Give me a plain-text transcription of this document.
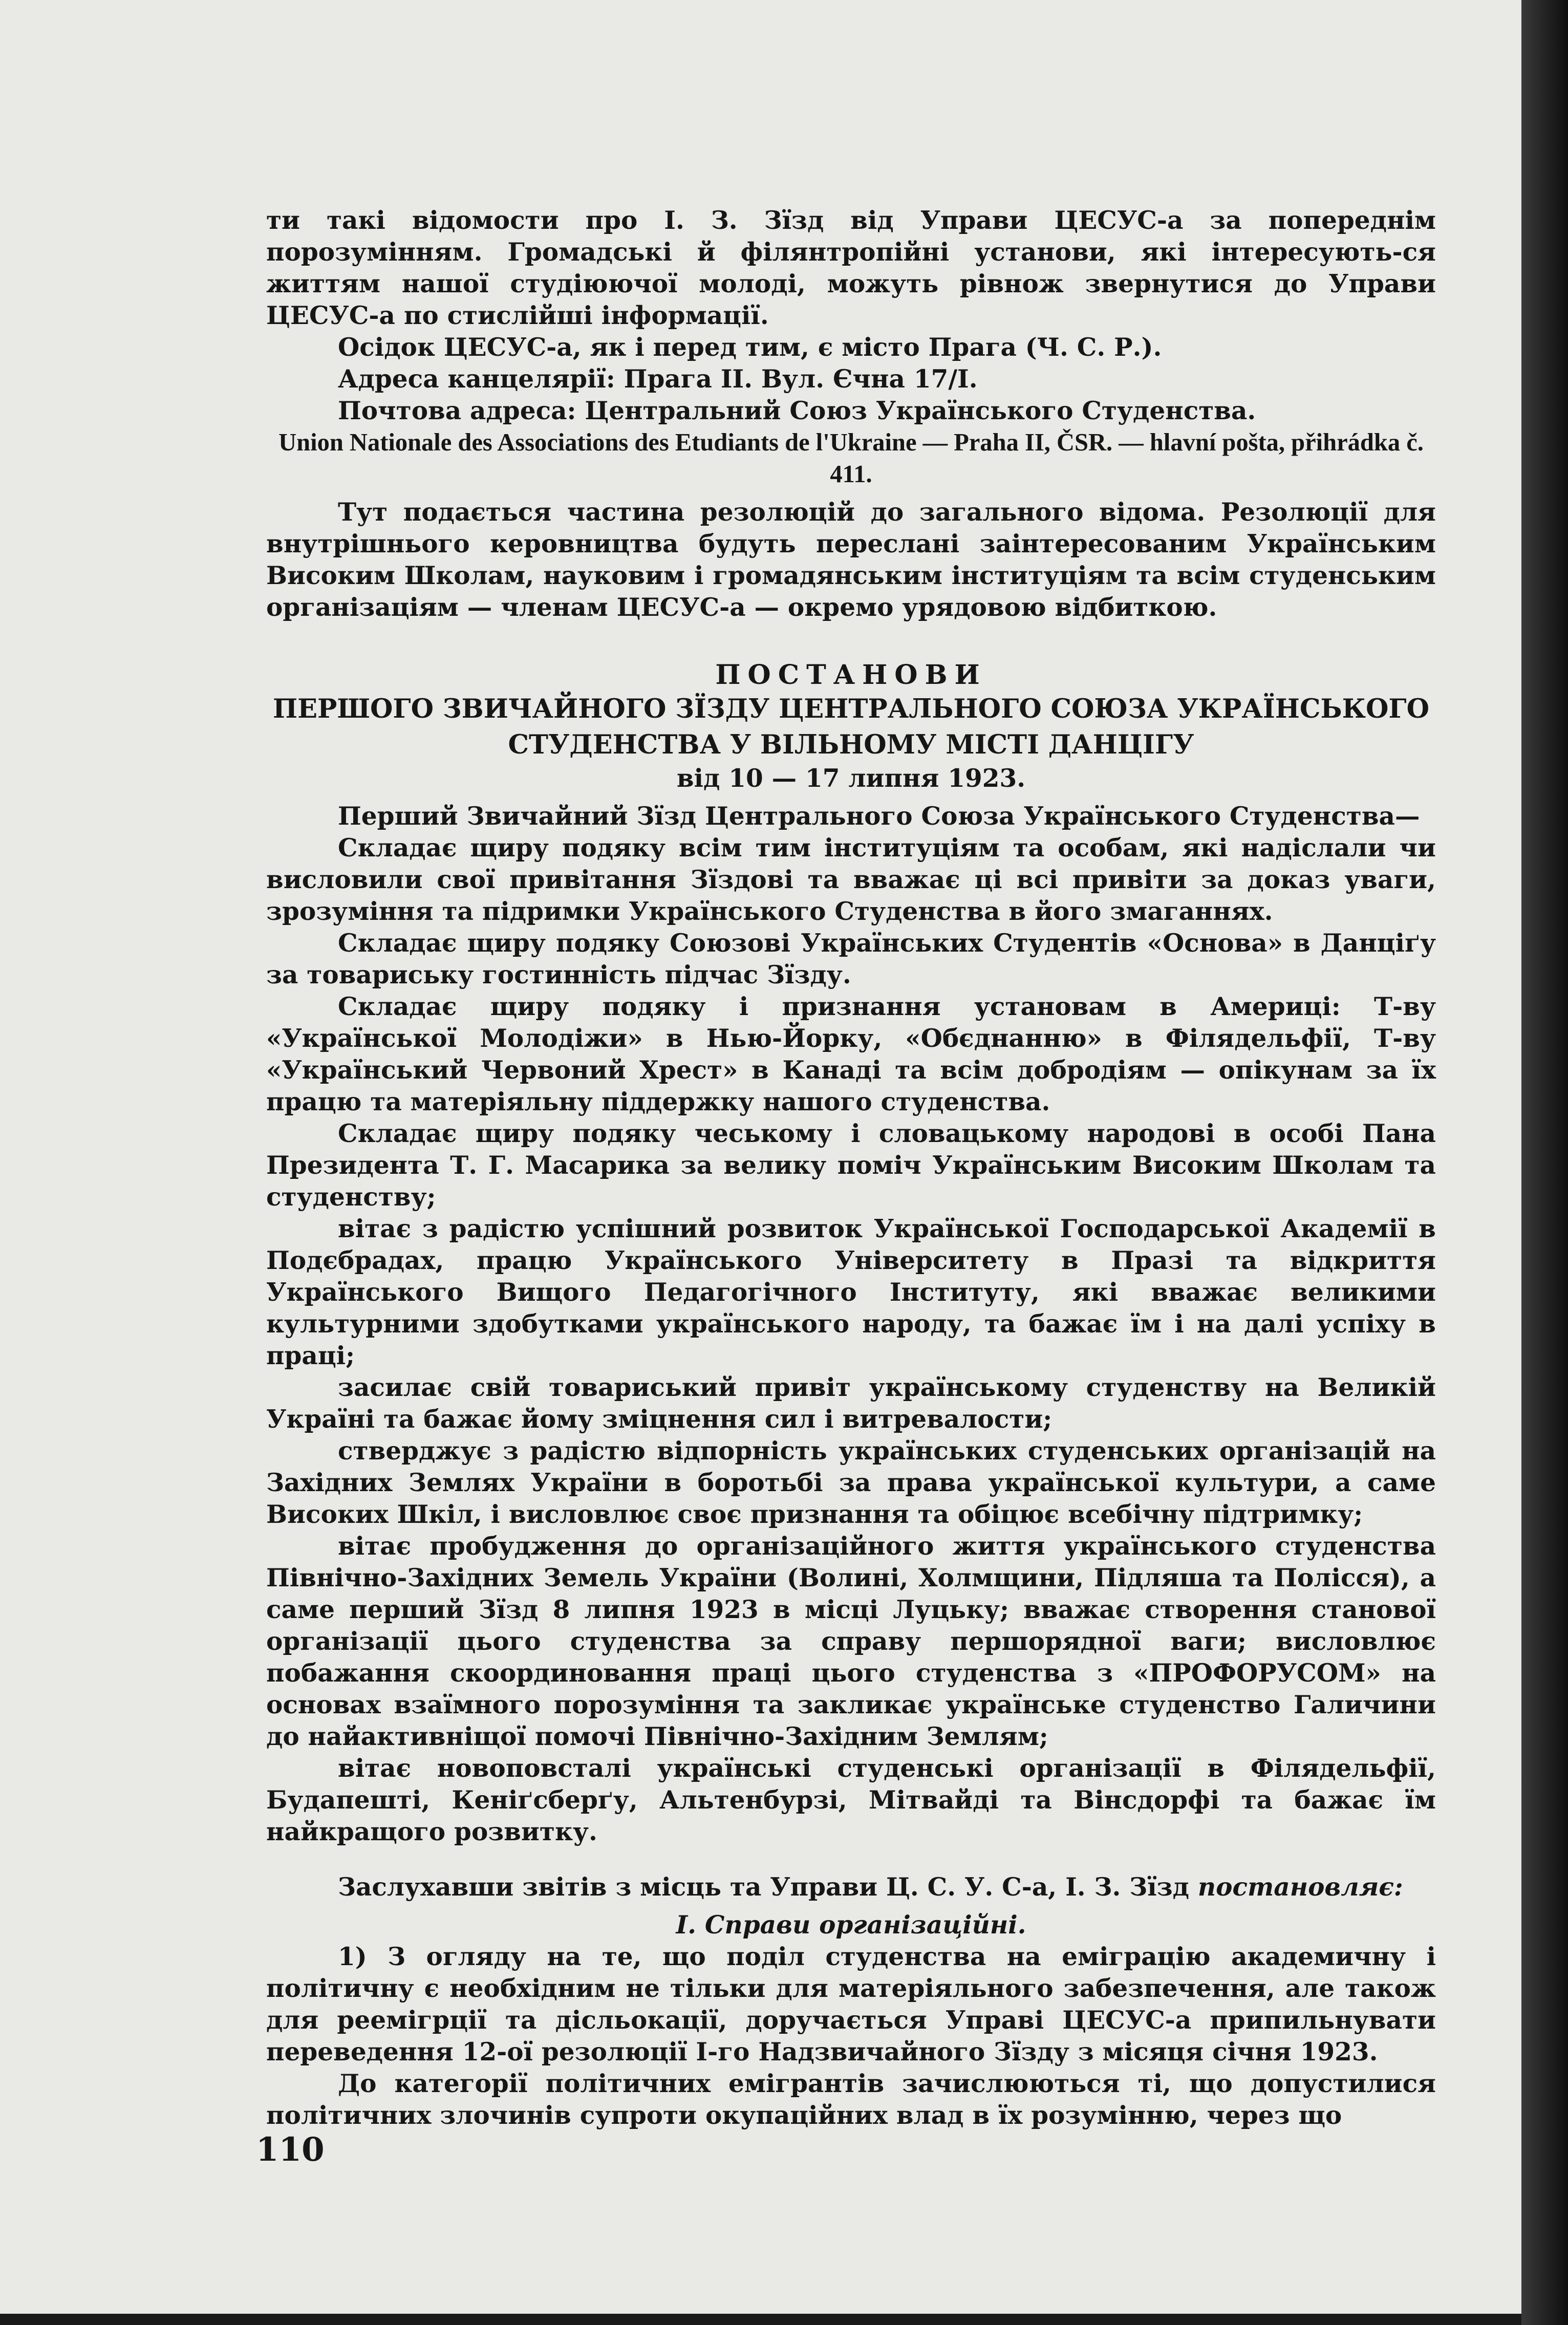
ти такі відомости про І. З. Зїзд від Управи ЦЕСУС-а за попереднім порозумінням. Громадські й філянтропійні установи, які інтересують-ся життям нашої студіюючої молоді, можуть рівнож звернутися до Управи ЦЕСУС-а по стислійші інформації.

Осідок ЦЕСУС-а, як і перед тим, є місто Прага (Ч. С. Р.).

Адреса канцелярії: Прага II. Вул. Єчна 17/I.

Почтова адреса: Центральний Союз Українського Студенства.

Union Nationale des Associations des Etudiants de l'Ukraine — Praha II, ČSR. — hlavní pošta, přihrádka č. 411.

Тут подається частина резолюцій до загального відома. Резолюції для внутрішнього керовництва будуть переслані заінтересованим Українським Високим Школам, науковим і громадянським інституціям та всім студенським організаціям — членам ЦЕСУС-а — окремо урядовою відбиткою.

ПОСТАНОВИ

ПЕРШОГО ЗВИЧАЙНОГО ЗЇЗДУ ЦЕНТРАЛЬНОГО СОЮЗА УКРАЇНСЬКОГО

СТУДЕНСТВА У ВІЛЬНОМУ МІСТІ ДАНЦІГУ

від 10 — 17 липня 1923.

Перший Звичайний Зїзд Центрального Союза Українського Студенства—

Складає щиру подяку всім тим інституціям та особам, які надіслали чи висловили свої привітання Зїздові та вважає ці всі привіти за доказ уваги, зрозуміння та підримки Українського Студенства в його змаганнях.

Складає щиру подяку Союзові Українських Студентів «Основа» в Данціґу за товариську гостинність підчас Зїзду.

Складає щиру подяку і признання установам в Америці: Т-ву «Української Молодіжи» в Нью-Йорку, «Обєднанню» в Філядельфії, Т-ву «Український Червоний Хрест» в Канаді та всім добродіям — опікунам за їх працю та матеріяльну піддержку нашого студенства.

Складає щиру подяку чеському і словацькому народові в особі Пана Президента Т. Г. Масарика за велику поміч Українським Високим Школам та студенству;

вітає з радістю успішний розвиток Української Господарської Академії в Подєбрадах, працю Українського Університету в Празі та відкриття Українського Вищого Педагогічного Інституту, які вважає великими культурними здобутками українського народу, та бажає їм і на далі успіху в праці;

засилає свій товариський привіт українському студенству на Великій Україні та бажає йому зміцнення сил і витревалости;

стверджує з радістю відпорність українських студенських організацій на Західних Землях України в боротьбі за права української культури, а саме Високих Шкіл, і висловлює своє признання та обіцює всебічну підтримку;

вітає пробудження до організаційного життя українського студенства Північно-Західних Земель України (Волині, Холмщини, Підляша та Полісся), а саме перший Зїзд 8 липня 1923 в місці Луцьку; вважає створення станової організації цього студенства за справу першорядної ваги; висловлює побажання скоординовання праці цього студенства з «ПРОФОРУСОМ» на основах взаїмного порозуміння та закликає українське студенство Галичини до найактивніщої помочі Північно-Західним Землям;

вітає новоповсталі українські студенські організації в Філядельфії, Будапешті, Кеніґсберґу, Альтенбурзі, Мітвайді та Вінсдорфі та бажає їм найкращого розвитку.

Заслухавши звітів з місць та Управи Ц. С. У. С-а, І. З. Зїзд постановляє:

І. Справи організаційні.

1) З огляду на те, що поділ студенства на еміграцію академичну і політичну є необхідним не тільки для матеріяльного забезпечення, але також для реемігрції та дісльокації, доручається Управі ЦЕСУС-а припильнувати переведення 12-ої резолюції І-го Надзвичайного Зїзду з місяця січня 1923.

До категорії політичних емігрантів зачислюються ті, що допустилися політичних злочинів супроти окупаційних влад в їх розумінню, через що

110
